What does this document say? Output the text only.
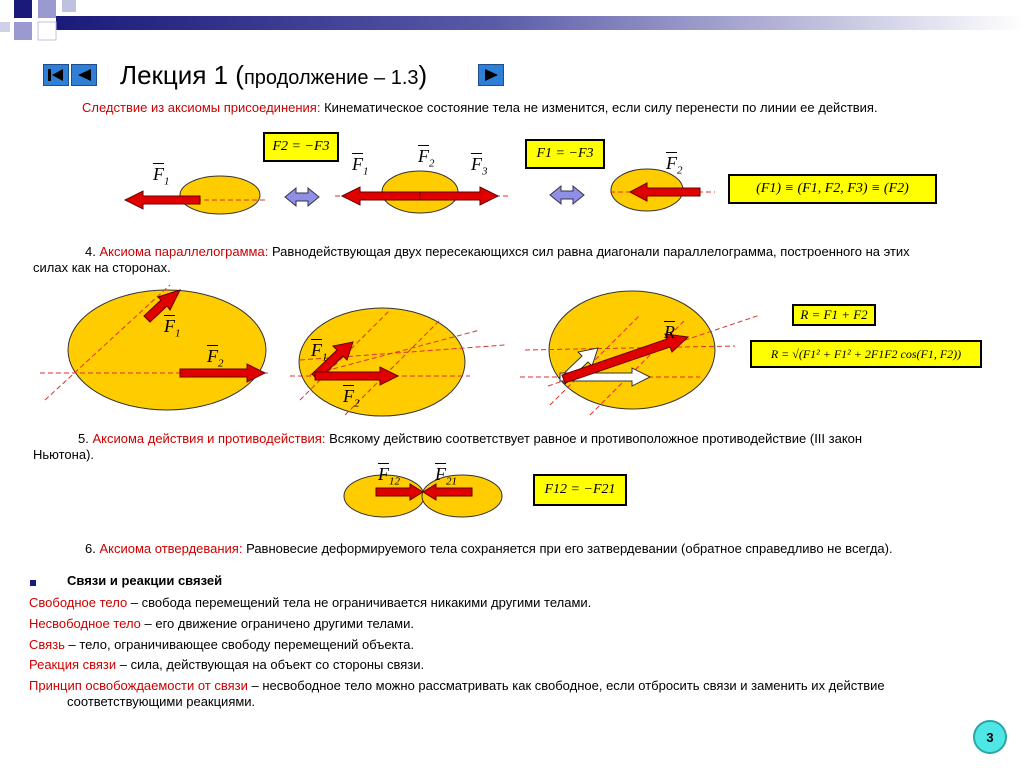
Лекция 1 (продолжение – 1.3)
Следствие из аксиомы присоединения: Кинематическое состояние тела не изменится, если силу перенести по линии ее действия.
$\overline{F}_1$
$\overline{F}_1$
$\overline{F}_2$ $\overline{F}_3$	$\overline{F}_2$
F2 = −F3	F1 = −F3
(F1) ≡ (F1, F2, F3) ≡ (F2)
4. Аксиома параллелограмма: Равнодействующая двух пересекающихся сил равна диагонали параллелограмма, построенного на этих
силах как на сторонах.
$\overline{F}_1$
$\overline{F}_2$
$\overline{F}_1$
$\overline{F}_2$
$\overline{R}$
R = F1 + F2
R = √(F1² + F1² + 2F1F2 cos(F1, F2))
5. Аксиома действия и противодействия: Всякому действию соответствует равное и противоположное противодействие (III закон
Ньютона).
$\overline{F}_{12}$ $\overline{F}_{21}$
F12 = −F21
6. Аксиома отвердевания: Равновесие деформируемого тела сохраняется при его затвердевании (обратное справедливо не всегда).
Связи и реакции связей
Свободное тело – свобода перемещений тела не ограничивается никакими другими телами.
Несвободное тело – его движение ограничено другими телами.
Связь – тело, ограничивающее свободу перемещений объекта.
Реакция связи – сила, действующая на объект со стороны связи.
Принцип освобождаемости от связи – несвободное тело можно рассматривать как свободное, если отбросить связи и заменить их действие
соответствующими реакциями.
3
